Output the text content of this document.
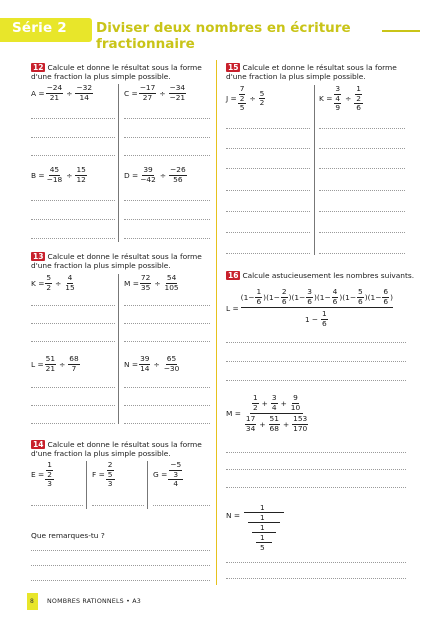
Série 2 Diviser deux nombres en écriture fractionnaire
12 Calcule et donne le résultat sous la forme
d'une fraction la plus simple possible.
$A = \frac{-24}{21} \div \frac{-32}{14}$	$C = \frac{-17}{27} \div \frac{-34}{-21}$
$B = \frac{45}{-18} \div \frac{15}{12}$	$D = \frac{39}{-42} \div \frac{-26}{56}$
13 Calcule et donne le résultat sous la forme
d'une fraction la plus simple possible.
$K = \frac{5}{2} \div \frac{4}{15}$	$M = \frac{72}{35} \div \frac{54}{105}$
$L = \frac{51}{21} \div \frac{68}{7}$	$N = \frac{39}{14} \div \frac{65}{-30}$
14 Calcule et donne le résultat sous la forme
d'une fraction la plus simple possible.
$E = \frac{\frac{1}{2}}{3}$	$F = \frac{\frac{2}{5}}{3}$	$G = \frac{\frac{-5}{3}}{4}$
Que remarques-tu ?
15 Calcule et donne le résultat sous la forme
d'une fraction la plus simple possible.
$J = \frac{\frac{7}{2}}{5} \div \frac{5}{2}$	$K = \frac{3}{\frac{4}{9}} \div \frac{\frac{1}{2}}{6}$
16 Calcule astucieusement les nombres suivants.
L =
( $1 - \frac{1}{6}$ ) ( $1 - \frac{2}{6}$ ) ( $1 - \frac{3}{6}$ ) ( $1 - \frac{4}{6}$ ) ( $1 - \frac{5}{6}$ ) ( $1 - \frac{6}{6}$ )
$1 - \frac{1}{6}$
$M = \frac{\frac{1}{2} + \frac{3}{4} + \frac{9}{10}}{\frac{17}{34} + \frac{51}{68} + \frac{153}{170}}$
N =
1
1
1
1
5
8 NOMBRES RATIONNELS • A3
